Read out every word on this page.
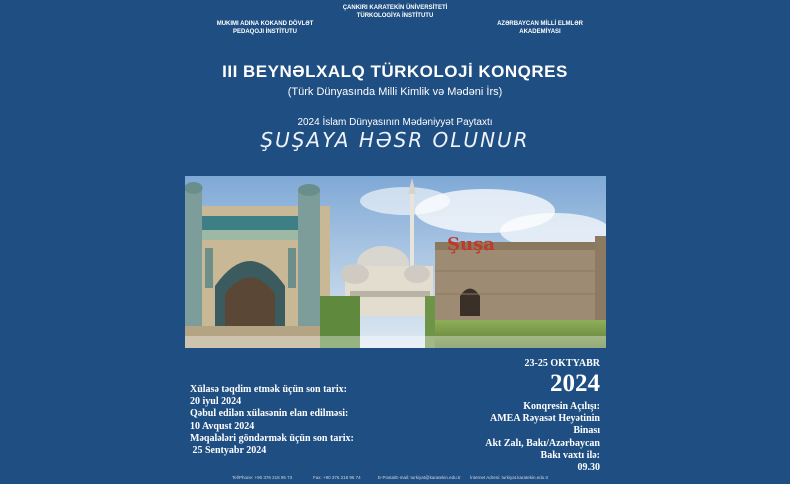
MUKIMI ADINA KOKAND DÖVLƏT
PEDAQOJI İNSTİTUTU
ÇANKIRI KARATEKİN ÜNİVERSİTETİ
TÜRKOLOGİYA İNSTİTUTU
AZƏRBAYCAN MİLLİ ELMLƏR
AKADEMİYASI
III BEYNƏLXALQ TÜRKOLOJİ KONQRES
(Türk Dünyasında Milli Kimlik və Mədəni İrs)
2024 İslam Dünyasının Mədəniyyət Paytaxtı
ŞUŞAYA HƏSR OLUNUR
Şuşa
Xülasə təqdim etmək üçün son tarix:
20 iyul 2024
Qəbul edilən xülasənin elan edilməsi:
10 Avqust 2024
Məqalələri göndərmək üçün son tarix:
25 Sentyabr 2024
23-25 OKTYABR
2024
Konqresin Açılışı:
AMEA Rəyasət Heyətinin Binası
Akt Zalı, Bakı/Azərbaycan
Bakı vaxtı ilə:
09.30
Tel/Phone: +90 376 218 95 73	Fax: +90 376 218 95 74	E-Posta/E-mail: turkiyat@karatekin.edu.tr İnternet Adresi: turkiyat.karatekin.edu.tr
